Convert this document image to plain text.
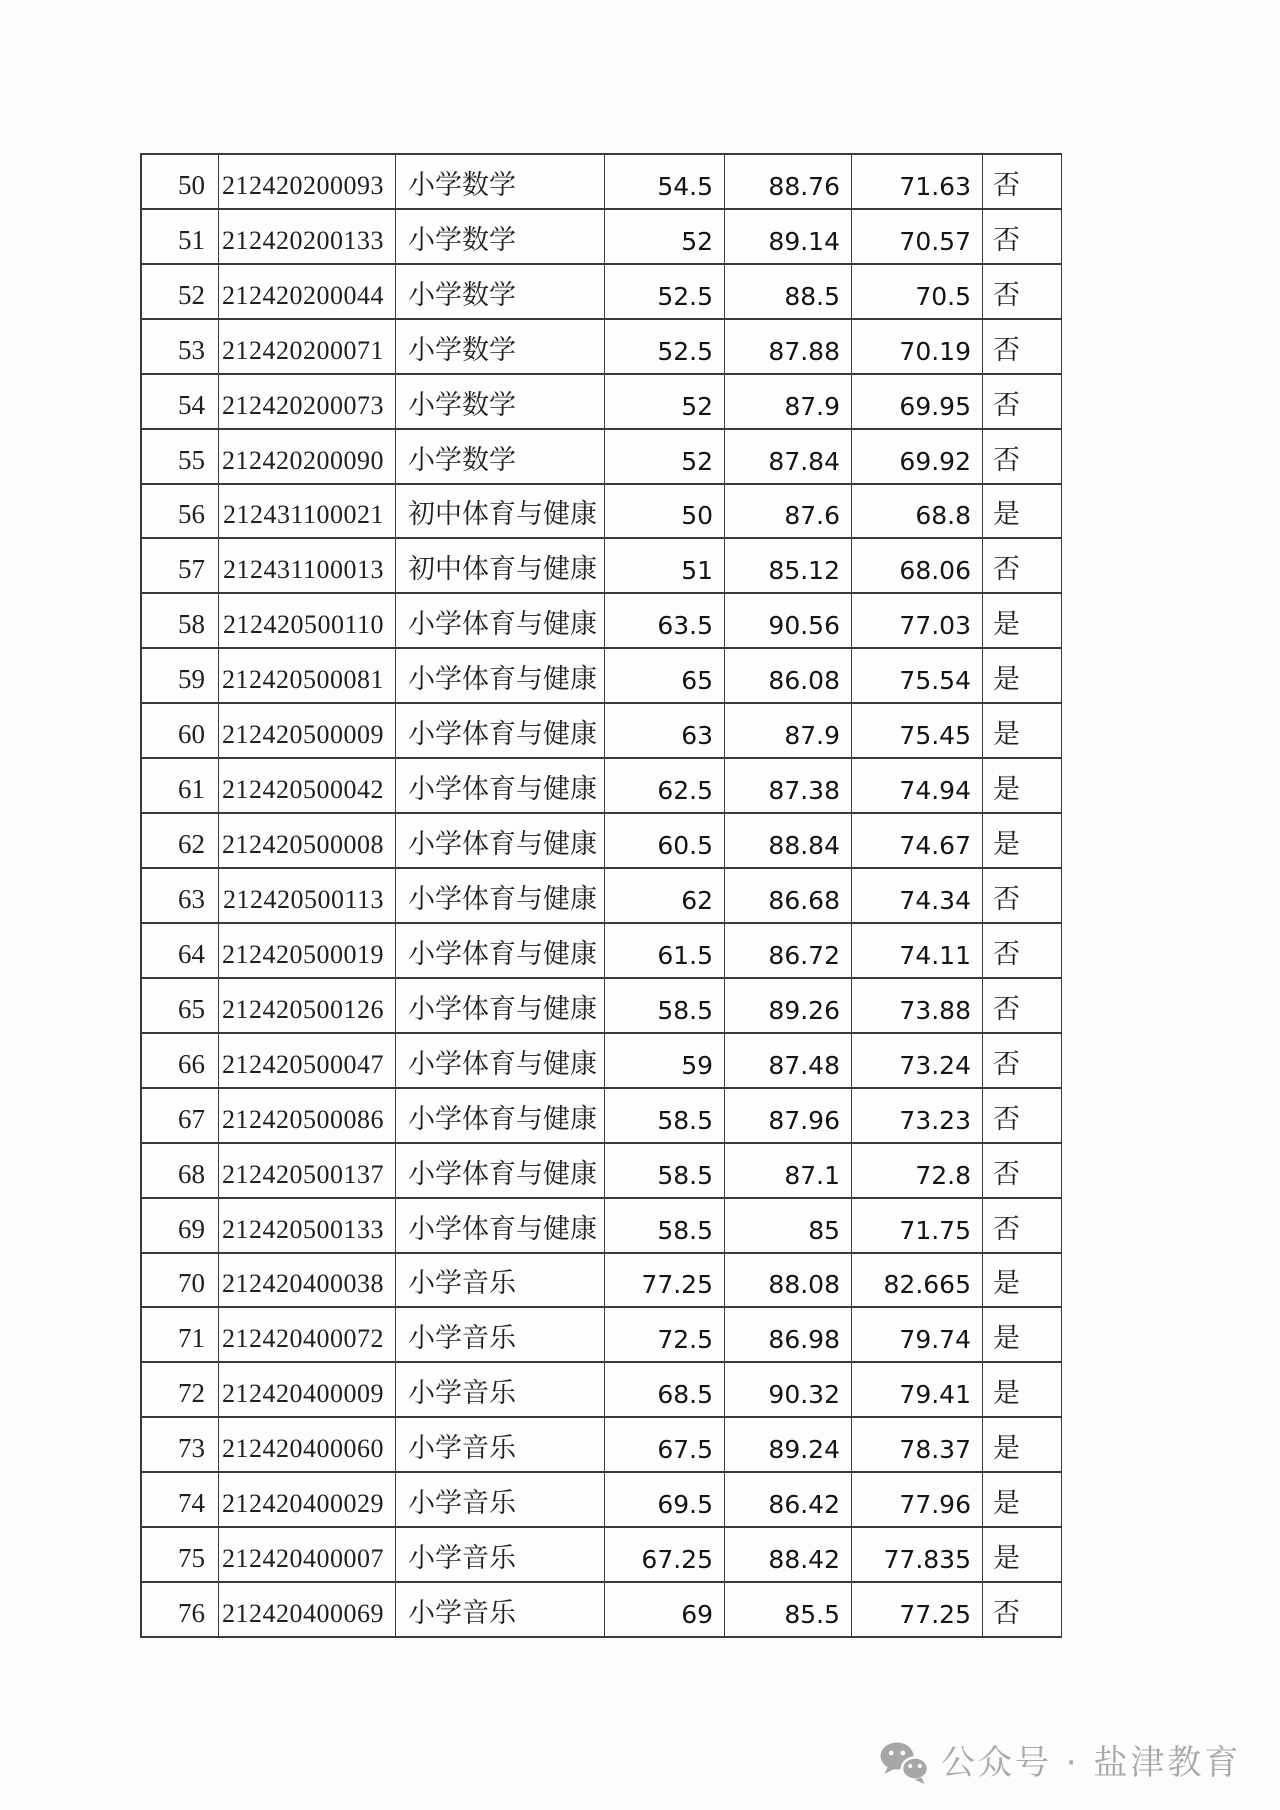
50 212420200093 小学数学	54.5	88.76	71.63 否
51 212420200133 小学数学	52	89.14	70.57 否
52 212420200044 小学数学	52.5	88.5	70.5 否
53 212420200071 小学数学	52.5	87.88	70.19 否
54 212420200073 小学数学	52	87.9	69.95 否
55 212420200090 小学数学	52	87.84	69.92 否
56 212431100021 初中体育与健康	50	87.6	68.8 是
57 212431100013 初中体育与健康	51	85.12	68.06 否
58 212420500110 小学体育与健康	63.5	90.56	77.03 是
59 212420500081 小学体育与健康	65	86.08	75.54 是
60 212420500009 小学体育与健康	63	87.9	75.45 是
61 212420500042 小学体育与健康	62.5	87.38	74.94 是
62 212420500008 小学体育与健康	60.5	88.84	74.67 是
63 212420500113 小学体育与健康	62	86.68	74.34 否
64 212420500019 小学体育与健康	61.5	86.72	74.11 否
65 212420500126 小学体育与健康	58.5	89.26	73.88 否
66 212420500047 小学体育与健康	59	87.48	73.24 否
67 212420500086 小学体育与健康	58.5	87.96	73.23 否
68 212420500137 小学体育与健康	58.5	87.1	72.8 否
69 212420500133 小学体育与健康	58.5	85	71.75 否
70 212420400038 小学音乐	77.25	88.08	82.665 是
71 212420400072 小学音乐	72.5	86.98	79.74 是
72 212420400009 小学音乐	68.5	90.32	79.41 是
73 212420400060 小学音乐	67.5	89.24	78.37 是
74 212420400029 小学音乐	69.5	86.42	77.96 是
75 212420400007 小学音乐	67.25	88.42	77.835 是
76 212420400069 小学音乐	69	85.5	77.25 否
公众号 · 盐津教育
